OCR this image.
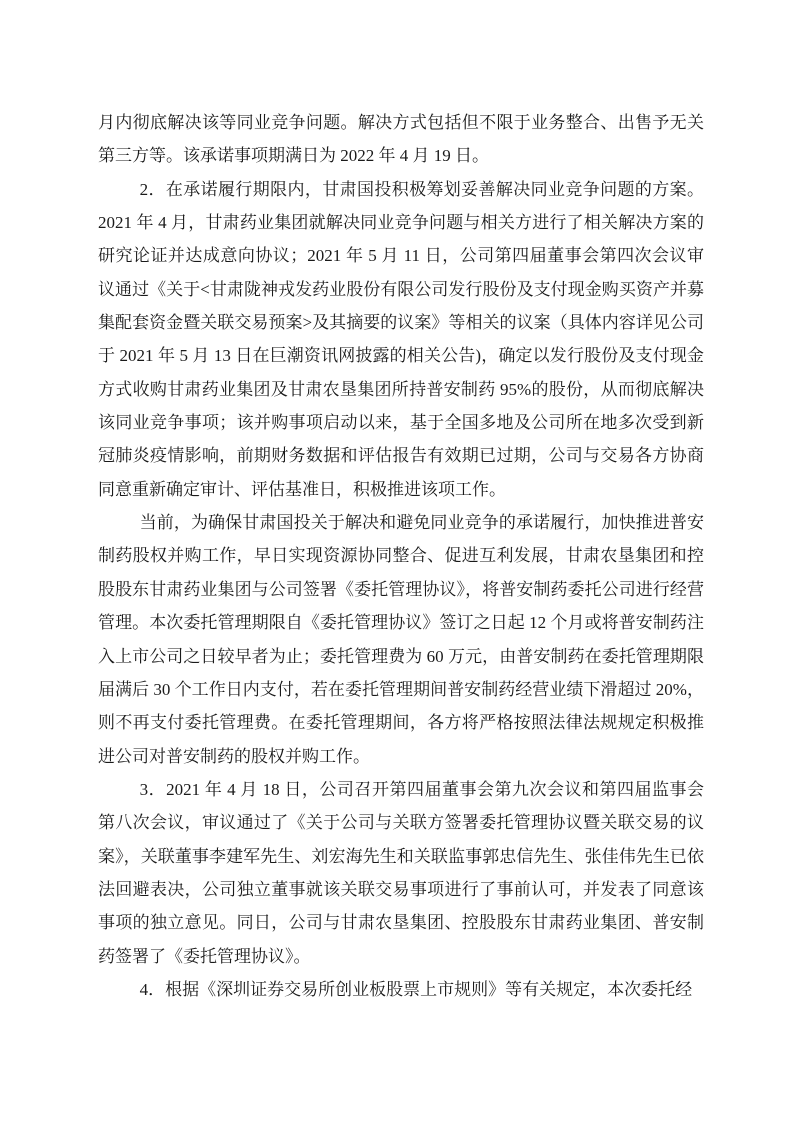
月内彻底解决该等同业竞争问题。解决方式包括但不限于业务整合、出售予无关第三方等。该承诺事项期满日为 2022 年 4 月 19 日。

2．在承诺履行期限内，甘肃国投积极筹划妥善解决同业竞争问题的方案。2021 年 4 月，甘肃药业集团就解决同业竞争问题与相关方进行了相关解决方案的研究论证并达成意向协议；2021 年 5 月 11 日，公司第四届董事会第四次会议审议通过《关于<甘肃陇神戎发药业股份有限公司发行股份及支付现金购买资产并募集配套资金暨关联交易预案>及其摘要的议案》等相关的议案（具体内容详见公司于 2021 年 5 月 13 日在巨潮资讯网披露的相关公告)，确定以发行股份及支付现金方式收购甘肃药业集团及甘肃农垦集团所持普安制药 95%的股份，从而彻底解决该同业竞争事项；该并购事项启动以来，基于全国多地及公司所在地多次受到新冠肺炎疫情影响，前期财务数据和评估报告有效期已过期，公司与交易各方协商同意重新确定审计、评估基准日，积极推进该项工作。

当前，为确保甘肃国投关于解决和避免同业竞争的承诺履行，加快推进普安制药股权并购工作，早日实现资源协同整合、促进互利发展，甘肃农垦集团和控股股东甘肃药业集团与公司签署《委托管理协议》，将普安制药委托公司进行经营管理。本次委托管理期限自《委托管理协议》签订之日起 12 个月或将普安制药注入上市公司之日较早者为止；委托管理费为 60 万元，由普安制药在委托管理期限届满后 30 个工作日内支付，若在委托管理期间普安制药经营业绩下滑超过 20%，则不再支付委托管理费。在委托管理期间，各方将严格按照法律法规规定积极推进公司对普安制药的股权并购工作。

3．2021 年 4 月 18 日，公司召开第四届董事会第九次会议和第四届监事会第八次会议，审议通过了《关于公司与关联方签署委托管理协议暨关联交易的议案》，关联董事李建军先生、刘宏海先生和关联监事郭忠信先生、张佳伟先生已依法回避表决，公司独立董事就该关联交易事项进行了事前认可，并发表了同意该事项的独立意见。同日，公司与甘肃农垦集团、控股股东甘肃药业集团、普安制药签署了《委托管理协议》。

4．根据《深圳证券交易所创业板股票上市规则》等有关规定，本次委托经
